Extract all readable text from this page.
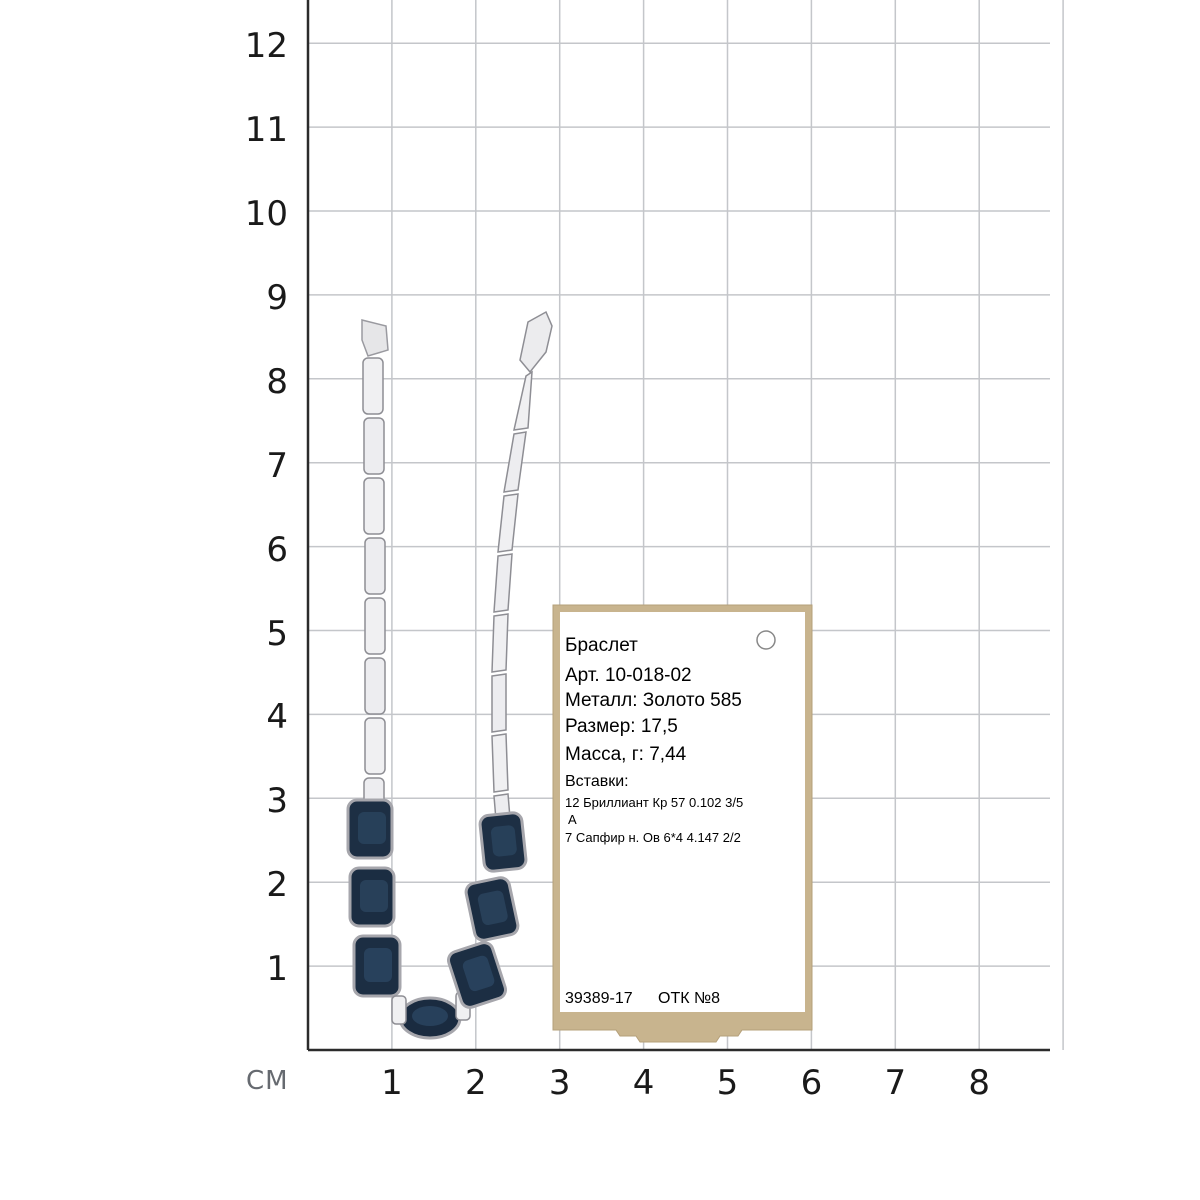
12
11
10
9
8
7
6
5
4
3
2
1
1	2	3	4	5	6	7	8
СМ
Браслет
Арт. 10-018-02
Металл: Золото 585
Размер: 17,5
Масса, г: 7,44
Вставки:
12 Бриллиант Кр 57 0.102 3/5
А
7 Сапфир н. Ов 6*4 4.147 2/2
39389-17 ОТК №8
